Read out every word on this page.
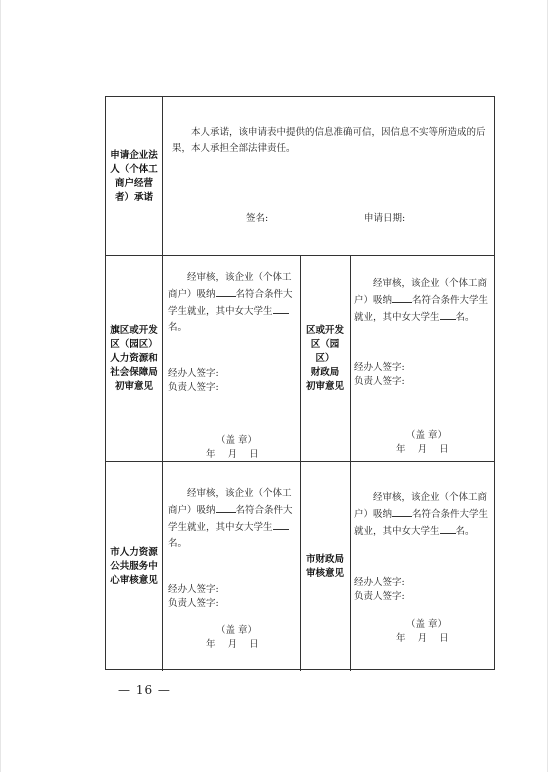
申请企业法
人（个体工
商户经营
者）承诺
本人承诺，该申请表中提供的信息准确可信，因信息不实等所造成的后果，本人承担全部法律责任。
签名:	申请日期:
旗区或开发
区（园区）
人力资源和
社会保障局
初审意见
经审核，该企业（个体工商户）吸纳 名符合条件大学生就业，其中女大学生名。
经办人签字:
负责人签字:
（盖 章）
年    月    日
区或开发
区（园区）
财政局
初审意见
经审核，该企业（个体工商户）吸纳 名符合条件大学生就业，其中女大学生 名。
经办人签字:
负责人签字:
（盖 章）
年    月    日
市人力资源
公共服务中
心审核意见
经审核，该企业（个体工商户）吸纳 名符合条件大学生就业，其中女大学生名。
经办人签字:
负责人签字:
（盖 章）
年    月    日
市财政局
审核意见
经审核，该企业（个体工商户）吸纳 名符合条件大学生就业，其中女大学生 名。
经办人签字:
负责人签字:
（盖 章）
年    月    日
— 16 —
